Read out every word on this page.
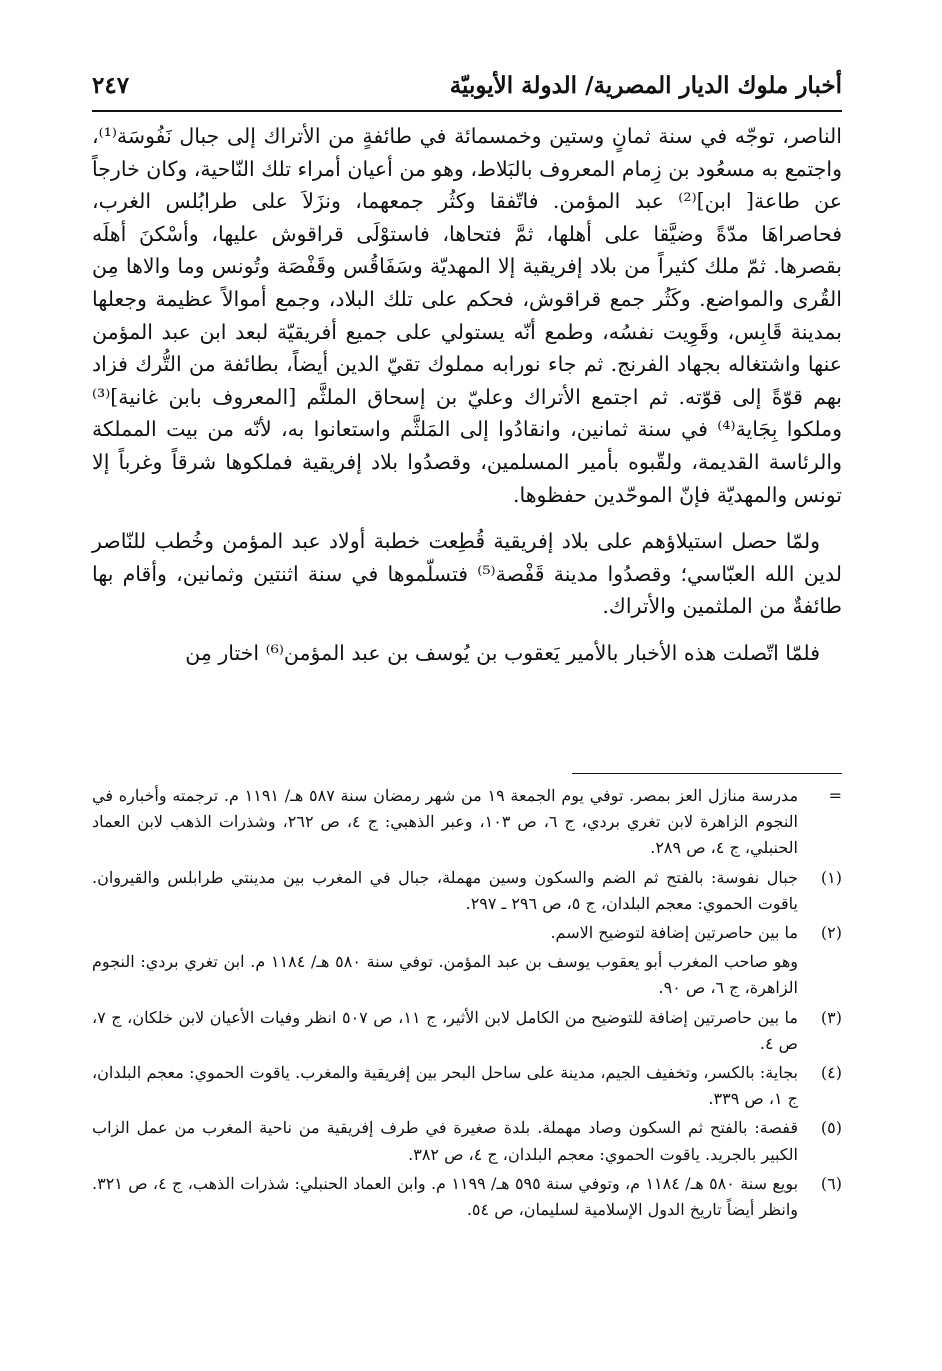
أخبار ملوك الديار المصرية/ الدولة الأيوبيّة
٢٤٧

الناصر، توجّه في سنة ثمانٍ وستين وخمسمائة في طائفةٍ من الأتراك إلى جبال نَفُوسَة⁽¹⁾، واجتمع به مسعُود بن زِمام المعروف بالبَلاط، وهو من أعيان أمراء تلك النّاحية، وكان خارجاً عن طاعة[ ابن]⁽²⁾ عبد المؤمن. فاتّفقا وكثُر جمعهما، ونزَلاَ على طرابُلس الغرب، فحاصراهَا مدّةً وضيَّقا على أهلها، ثمَّ فتحاها، فاستوْلَى قراقوش عليها، وأسْكنَ أهلَه بقصرها. ثمّ ملك كثيراً من بلاد إفريقية إلا المهديّة وسَفَاقُس وقَفْصَة وتُونس وما والاها مِن القُرى والمواضع. وكَثُر جمع قراقوش، فحكم على تلك البلاد، وجمع أموالاً عظيمة وجعلها بمدينة قَابِس، وقَوِيت نفسُه، وطمع أنّه يستولي على جميع أفريقيّة لبعد ابن عبد المؤمن عنها واشتغاله بجهاد الفرنج. ثم جاء نورابه مملوك تقيّ الدين أيضاً، بطائفة من التُّرك فزاد بهم قوّةً إلى قوّته. ثم اجتمع الأتراك وعليّ بن إسحاق الملثَّم [المعروف بابن غانية]⁽³⁾ وملكوا بِجَاية⁽⁴⁾ في سنة ثمانين، وانقادُوا إلى المَلثَّم واستعانوا به، لأنّه من بيت المملكة والرئاسة القديمة، ولقّبوه بأمير المسلمين، وقصدُوا بلاد إفريقية فملكوها شرقاً وغرباً إلا تونس والمهديّة فإنّ الموحّدين حفظوها.

ولمّا حصل استيلاؤهم على بلاد إفريقية قُطِعت خطبة أولاد عبد المؤمن وخُطب للنّاصر لدين الله العبّاسي؛ وقصدُوا مدينة قَفْصة⁽⁵⁾ فتسلّموها في سنة اثنتين وثمانين، وأقام بها طائفةٌ من الملثمين والأتراك.

فلمّا اتّصلت هذه الأخبار بالأمير يَعقوب بن يُوسف بن عبد المؤمن⁽⁶⁾ اختار مِن

=
مدرسة منازل العز بمصر. توفي يوم الجمعة ١٩ من شهر رمضان سنة ٥٨٧ هـ/ ١١٩١ م. ترجمته وأخباره في النجوم الزاهرة لابن تغري بردي، ج ٦، ص ١٠٣، وعبر الذهبي: ج ٤، ص ٢٦٢، وشذرات الذهب لابن العماد الحنبلي، ج ٤، ص ٢٨٩.
(١)
جبال نفوسة: بالفتح ثم الضم والسكون وسين مهملة، جبال في المغرب بين مدينتي طرابلس والقيروان. ياقوت الحموي: معجم البلدان، ج ٥، ص ٢٩٦ ـ ٢٩٧.
(٢)
ما بين حاصرتين إضافة لتوضيح الاسم.
وهو صاحب المغرب أبو يعقوب يوسف بن عبد المؤمن. توفي سنة ٥٨٠ هـ/ ١١٨٤ م. ابن تغري بردي: النجوم الزاهرة، ج ٦، ص ٩٠.
(٣)
ما بين حاصرتين إضافة للتوضيح من الكامل لابن الأثير، ج ١١، ص ٥٠٧ انظر وفيات الأعيان لابن خلكان، ج ٧، ص ٤.
(٤)
بجاية: بالكسر، وتخفيف الجيم، مدينة على ساحل البحر بين إفريقية والمغرب. ياقوت الحموي: معجم البلدان، ج ١، ص ٣٣٩.
(٥)
قفصة: بالفتح ثم السكون وصاد مهملة. بلدة صغيرة في طرف إفريقية من ناحية المغرب من عمل الزاب الكبير بالجريد. ياقوت الحموي: معجم البلدان، ج ٤، ص ٣٨٢.
(٦)
بويع سنة ٥٨٠ هـ/ ١١٨٤ م، وتوفي سنة ٥٩٥ هـ/ ١١٩٩ م. وابن العماد الحنبلي: شذرات الذهب، ج ٤، ص ٣٢١. وانظر أيضاً تاريخ الدول الإسلامية لسليمان، ص ٥٤.
